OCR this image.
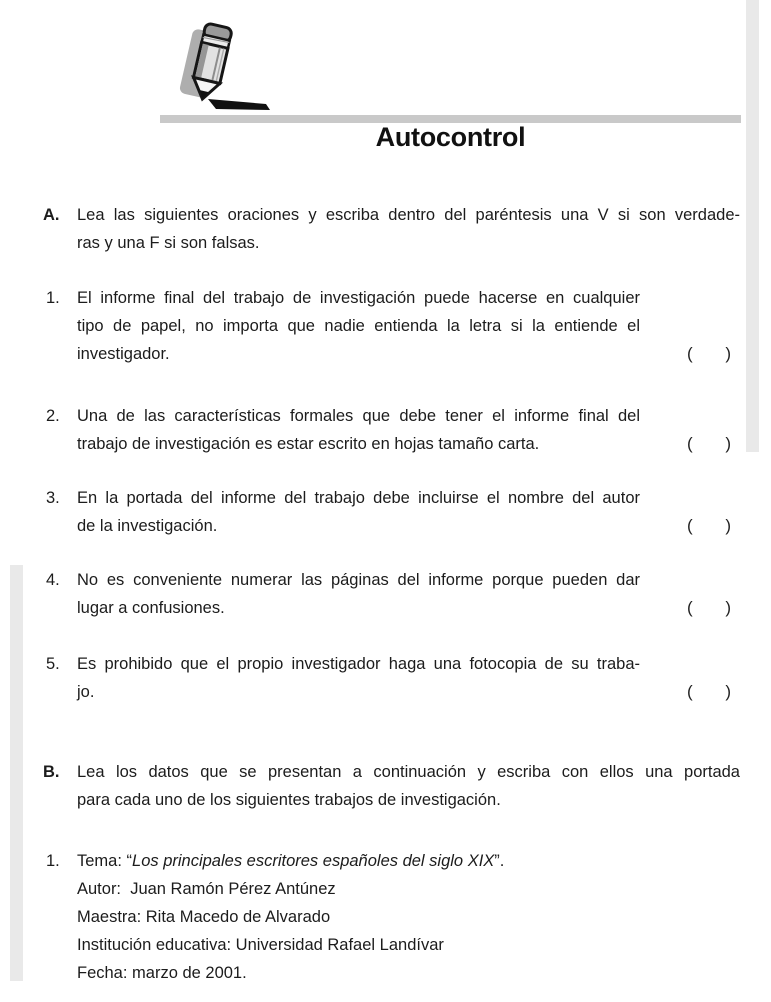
Autocontrol
A.	Lea las siguientes oraciones y escriba dentro del paréntesis una V si son verdade-
ras y una F si son falsas.
1.	El informe final del trabajo de investigación puede hacerse en cualquier
tipo de papel, no importa que nadie entienda la letra si la entiende el
investigador.	( )
2.	Una de las características formales que debe tener el informe final del
trabajo de investigación es estar escrito en hojas tamaño carta.	( )
3.	En la portada del informe del trabajo debe incluirse el nombre del autor
de la investigación.	( )
4.	No es conveniente numerar las páginas del informe porque pueden dar
lugar a confusiones.	( )
5.	Es prohibido que el propio investigador haga una fotocopia de su traba-
jo.	( )
B.	Lea los datos que se presentan a continuación y escriba con ellos una portada
para cada uno de los siguientes trabajos de investigación.
1.	Tema: “Los principales escritores españoles del siglo XIX”.
Autor:  Juan Ramón Pérez Antúnez
Maestra: Rita Macedo de Alvarado
Institución educativa: Universidad Rafael Landívar
Fecha: marzo de 2001.
